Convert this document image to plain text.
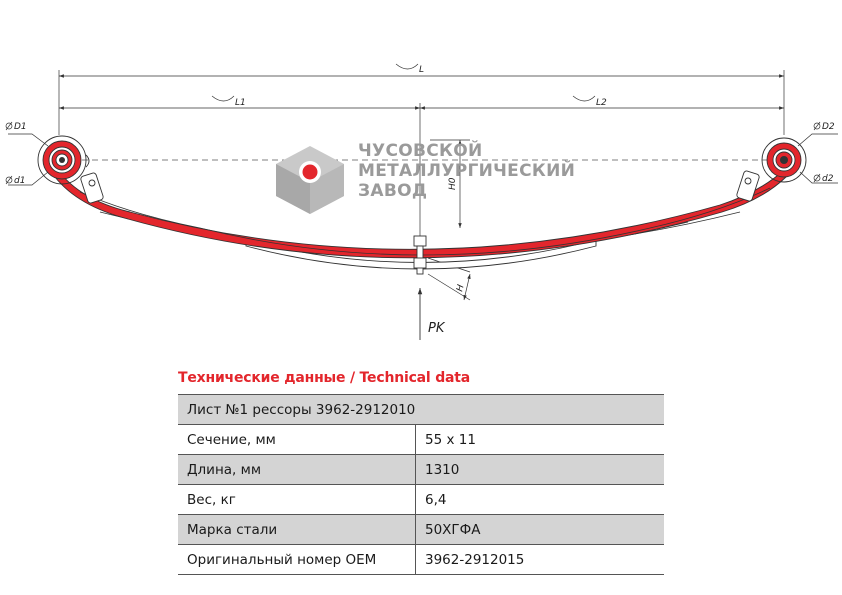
L
L1	L2
D1
d1
D2
d2
H0
H
PK
ЧУСОВСКОЙ
МЕТАЛЛУРГИЧЕСКИЙ
ЗАВОД
Технические данные / Technical data
Лист №1 рессоры 3962-2912010	
Сечение, мм	55 x 11
Длина, мм	1310
Вес, кг	6,4
Марка стали	50ХГФА
Оригинальный номер OEM	3962-2912015
